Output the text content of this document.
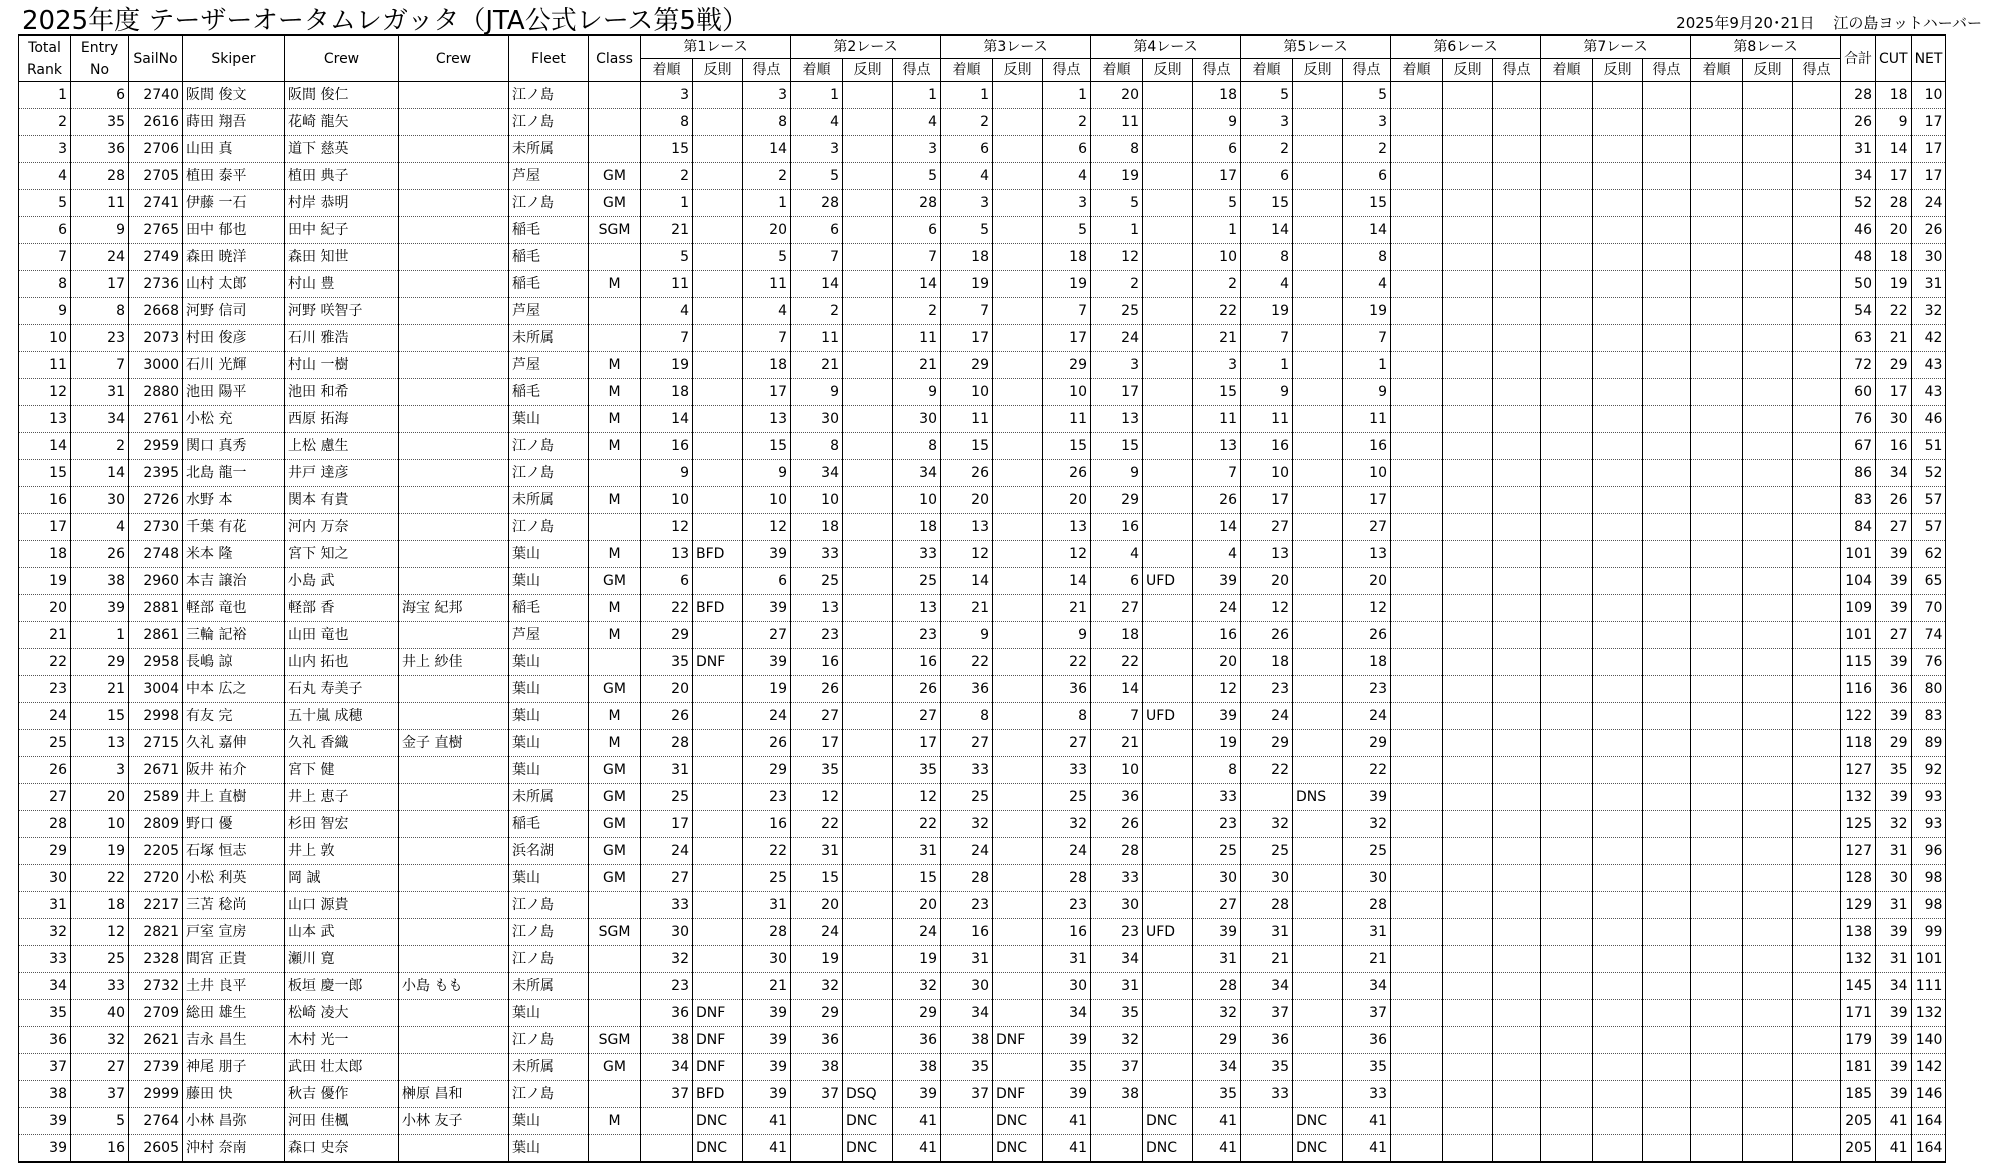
2025年度 テーザーオータムレガッタ（JTA公式レース第5戦）	2025年9月20･21日 江の島ヨットハーバー
Total Rank	Entry No	SailNo	Skiper	Crew	Crew	Fleet	Class	第1レース			第2レース			第3レース			第4レース			第5レース			第6レース			第7レース			第8レース			合計	CUT	NET
								着順	反則	得点	着順	反則	得点	着順	反則	得点	着順	反則	得点	着順	反則	得点	着順	反則	得点	着順	反則	得点	着順	反則	得点			
1	6	2740	阪間 俊文	阪間 俊仁		江ノ島		3		3	1		1	1		1	20		18	5		5										28	18	10
2	35	2616	蒔田 翔吾	花崎 龍矢		江ノ島		8		8	4		4	2		2	11		9	3		3										26	9	17
3	36	2706	山田 真	道下 慈英		未所属		15		14	3		3	6		6	8		6	2		2										31	14	17
4	28	2705	植田 泰平	植田 典子		芦屋	GM	2		2	5		5	4		4	19		17	6		6										34	17	17
5	11	2741	伊藤 一石	村岸 恭明		江ノ島	GM	1		1	28		28	3		3	5		5	15		15										52	28	24
6	9	2765	田中 郁也	田中 紀子		稲毛	SGM	21		20	6		6	5		5	1		1	14		14										46	20	26
7	24	2749	森田 暁洋	森田 知世		稲毛		5		5	7		7	18		18	12		10	8		8										48	18	30
8	17	2736	山村 太郎	村山 豊		稲毛	M	11		11	14		14	19		19	2		2	4		4										50	19	31
9	8	2668	河野 信司	河野 咲智子		芦屋		4		4	2		2	7		7	25		22	19		19										54	22	32
10	23	2073	村田 俊彦	石川 雅浩		未所属		7		7	11		11	17		17	24		21	7		7										63	21	42
11	7	3000	石川 光輝	村山 一樹		芦屋	M	19		18	21		21	29		29	3		3	1		1										72	29	43
12	31	2880	池田 陽平	池田 和希		稲毛	M	18		17	9		9	10		10	17		15	9		9										60	17	43
13	34	2761	小松 充	西原 拓海		葉山	M	14		13	30		30	11		11	13		11	11		11										76	30	46
14	2	2959	関口 真秀	上松 慮生		江ノ島	M	16		15	8		8	15		15	15		13	16		16										67	16	51
15	14	2395	北島 龍一	井戸 達彦		江ノ島		9		9	34		34	26		26	9		7	10		10										86	34	52
16	30	2726	水野 本	関本 有貴		未所属	M	10		10	10		10	20		20	29		26	17		17										83	26	57
17	4	2730	千葉 有花	河内 万奈		江ノ島		12		12	18		18	13		13	16		14	27		27										84	27	57
18	26	2748	米本 隆	宮下 知之		葉山	M	13	BFD	39	33		33	12		12	4		4	13		13										101	39	62
19	38	2960	本吉 譲治	小島 武		葉山	GM	6		6	25		25	14		14	6	UFD	39	20		20										104	39	65
20	39	2881	軽部 竜也	軽部 香	海宝 紀邦	稲毛	M	22	BFD	39	13		13	21		21	27		24	12		12										109	39	70
21	1	2861	三輪 記裕	山田 竜也		芦屋	M	29		27	23		23	9		9	18		16	26		26										101	27	74
22	29	2958	長嶋 諒	山内 拓也	井上 紗佳	葉山		35	DNF	39	16		16	22		22	22		20	18		18										115	39	76
23	21	3004	中本 広之	石丸 寿美子		葉山	GM	20		19	26		26	36		36	14		12	23		23										116	36	80
24	15	2998	有友 完	五十嵐 成穂		葉山	M	26		24	27		27	8		8	7	UFD	39	24		24										122	39	83
25	13	2715	久礼 嘉伸	久礼 香織	金子 直樹	葉山	M	28		26	17		17	27		27	21		19	29		29										118	29	89
26	3	2671	阪井 祐介	宮下 健		葉山	GM	31		29	35		35	33		33	10		8	22		22										127	35	92
27	20	2589	井上 直樹	井上 恵子		未所属	GM	25		23	12		12	25		25	36		33		DNS	39										132	39	93
28	10	2809	野口 優	杉田 智宏		稲毛	GM	17		16	22		22	32		32	26		23	32		32										125	32	93
29	19	2205	石塚 恒志	井上 敦		浜名湖	GM	24		22	31		31	24		24	28		25	25		25										127	31	96
30	22	2720	小松 利英	岡 誠		葉山	GM	27		25	15		15	28		28	33		30	30		30										128	30	98
31	18	2217	三苫 稔尚	山口 源貴		江ノ島		33		31	20		20	23		23	30		27	28		28										129	31	98
32	12	2821	戸室 宣房	山本 武		江ノ島	SGM	30		28	24		24	16		16	23	UFD	39	31		31										138	39	99
33	25	2328	間宮 正貴	瀬川 寛		江ノ島		32		30	19		19	31		31	34		31	21		21										132	31	101
34	33	2732	土井 良平	板垣 慶一郎	小島 もも	未所属		23		21	32		32	30		30	31		28	34		34										145	34	111
35	40	2709	総田 雄生	松崎 凌大		葉山		36	DNF	39	29		29	34		34	35		32	37		37										171	39	132
36	32	2621	吉永 昌生	木村 光一		江ノ島	SGM	38	DNF	39	36		36	38	DNF	39	32		29	36		36										179	39	140
37	27	2739	神尾 朋子	武田 壮太郎		未所属	GM	34	DNF	39	38		38	35		35	37		34	35		35										181	39	142
38	37	2999	藤田 快	秋吉 優作	榊原 昌和	江ノ島		37	BFD	39	37	DSQ	39	37	DNF	39	38		35	33		33										185	39	146
39	5	2764	小林 昌弥	河田 佳楓	小林 友子	葉山	M		DNC	41		DNC	41		DNC	41		DNC	41		DNC	41										205	41	164
39	16	2605	沖村 奈南	森口 史奈		葉山			DNC	41		DNC	41		DNC	41		DNC	41		DNC	41										205	41	164
